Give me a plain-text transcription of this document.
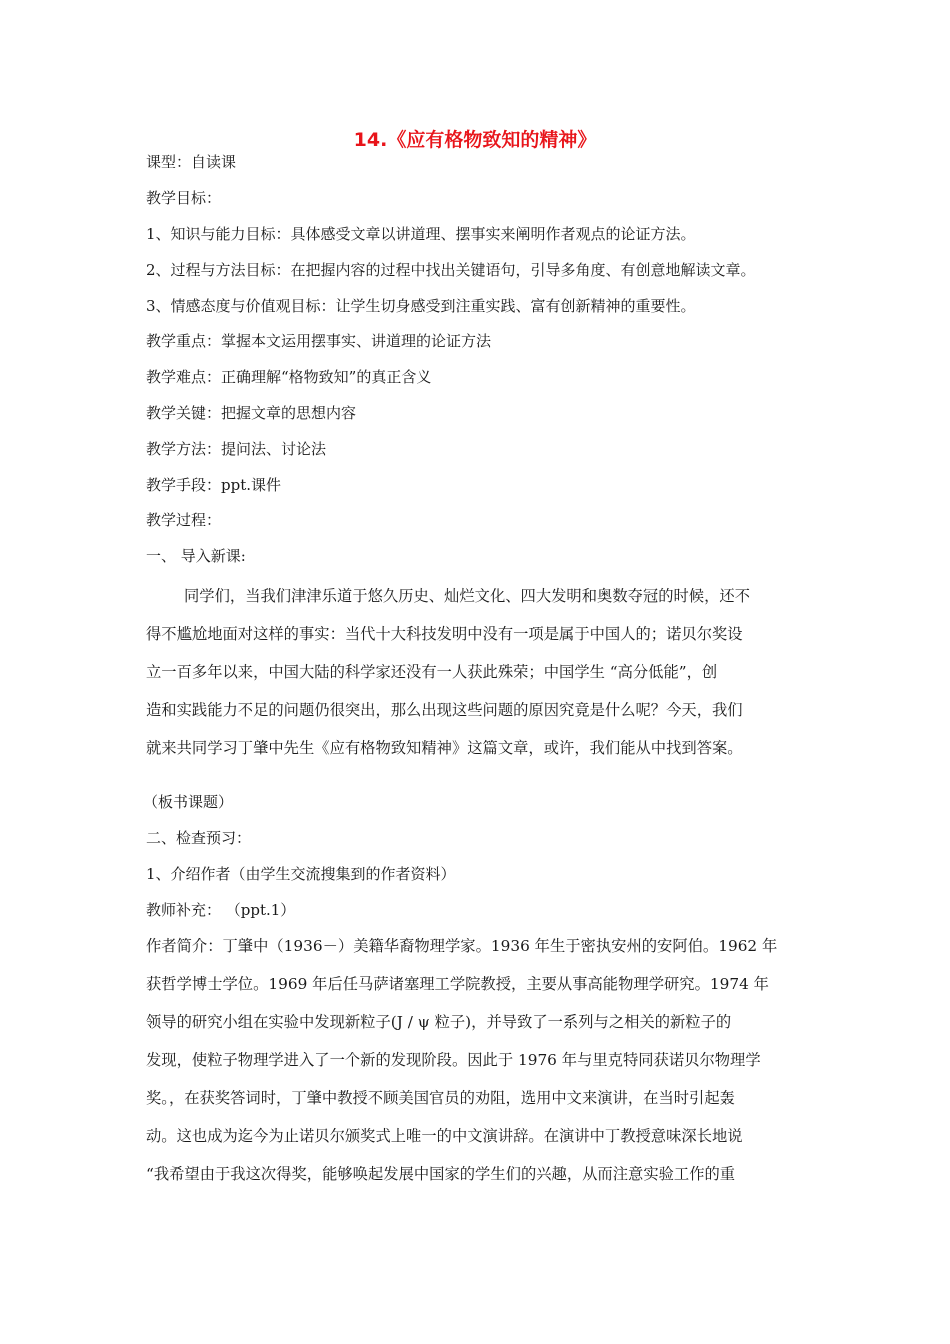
14.《应有格物致知的精神》

课型：自读课

教学目标：

1、知识与能力目标：具体感受文章以讲道理、摆事实来阐明作者观点的论证方法。

2、过程与方法目标：在把握内容的过程中找出关键语句，引导多角度、有创意地解读文章。

3、情感态度与价值观目标：让学生切身感受到注重实践、富有创新精神的重要性。

教学重点：掌握本文运用摆事实、讲道理的论证方法

教学难点：正确理解“格物致知”的真正含义

教学关键：把握文章的思想内容

教学方法：提问法、讨论法

教学手段：ppt.课件

教学过程：

一、 导入新课:

同学们，当我们津津乐道于悠久历史、灿烂文化、四大发明和奥数夺冠的时候，还不
得不尴尬地面对这样的事实：当代十大科技发明中没有一项是属于中国人的；诺贝尔奖设
立一百多年以来，中国大陆的科学家还没有一人获此殊荣；中国学生 “高分低能”，创
造和实践能力不足的问题仍很突出，那么出现这些问题的原因究竟是什么呢？今天，我们
就来共同学习丁肇中先生《应有格物致知精神》这篇文章，或许，我们能从中找到答案。

（板书课题）

二、检查预习：

1、介绍作者（由学生交流搜集到的作者资料）

教师补充： （ppt.1）

作者简介：丁肇中（1936－）美籍华裔物理学家。1936 年生于密执安州的安阿伯。1962 年
获哲学博士学位。1969 年后任马萨诸塞理工学院教授，主要从事高能物理学研究。1974 年
领导的研究小组在实验中发现新粒子(J / ψ 粒子)，并导致了一系列与之相关的新粒子的
发现，使粒子物理学进入了一个新的发现阶段。因此于 1976 年与里克特同获诺贝尔物理学
奖。，在获奖答词时，丁肇中教授不顾美国官员的劝阻，选用中文来演讲，在当时引起轰
动。这也成为迄今为止诺贝尔颁奖式上唯一的中文演讲辞。在演讲中丁教授意味深长地说
“我希望由于我这次得奖，能够唤起发展中国家的学生们的兴趣，从而注意实验工作的重
